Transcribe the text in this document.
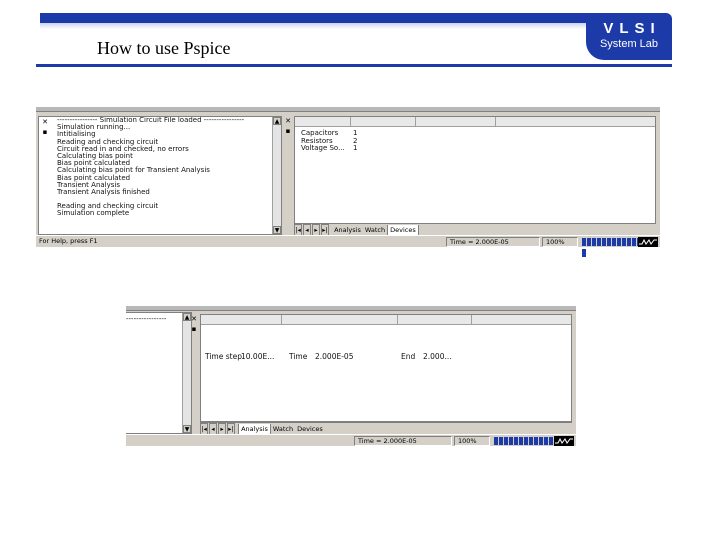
How to use Pspice
VLSI
System Lab
✕
▪
---------------- Simulation Circuit File loaded ----------------
Simulation running...
Intitialising
Reading and checking circuit
Circuit read in and checked, no errors
Calculating bias point
Bias point calculated
Calculating bias point for Transient Analysis
Bias point calculated
Transient Analysis
Transient Analysis finished
Reading and checking circuit
Simulation complete
▲
▼
✕
▪ Capacitors 1
Resistors	2
Voltage So... 1
|◂ ◂ ▸ ▸| Analysis Watch Devices
For Help, press F1	Time = 2.000E-05	100%
----------------	▲
▼
✕
▪
Time step10.00E... Time 2.000E-05	End 2.000...
|◂ ◂ ▸ ▸| Analysis Watch Devices
Time = 2.000E-05	100%
